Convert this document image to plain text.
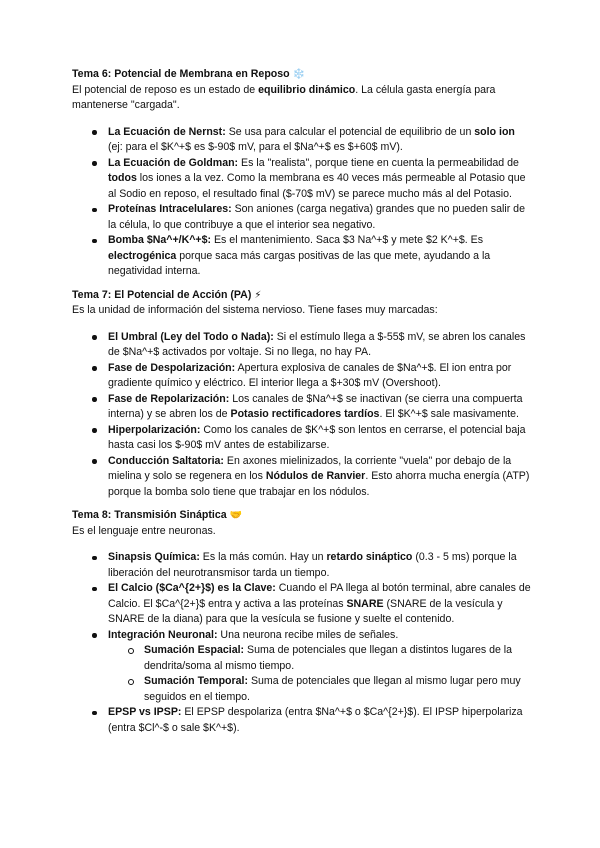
Tema 6: Potencial de Membrana en Reposo ❄️

El potencial de reposo es un estado de equilibrio dinámico. La célula gasta energía para mantenerse "cargada".

La Ecuación de Nernst: Se usa para calcular el potencial de equilibrio de un solo ion (ej: para el $K^+$ es $-90$ mV, para el $Na^+$ es $+60$ mV).
La Ecuación de Goldman: Es la "realista", porque tiene en cuenta la permeabilidad de todos los iones a la vez. Como la membrana es 40 veces más permeable al Potasio que al Sodio en reposo, el resultado final ($-70$ mV) se parece mucho más al del Potasio.
Proteínas Intracelulares: Son aniones (carga negativa) grandes que no pueden salir de la célula, lo que contribuye a que el interior sea negativo.
Bomba $Na^+/K^+$: Es el mantenimiento. Saca $3 Na^+$ y mete $2 K^+$. Es electrogénica porque saca más cargas positivas de las que mete, ayudando a la negatividad interna.

Tema 7: El Potencial de Acción (PA) ⚡

Es la unidad de información del sistema nervioso. Tiene fases muy marcadas:

El Umbral (Ley del Todo o Nada): Si el estímulo llega a $-55$ mV, se abren los canales de $Na^+$ activados por voltaje. Si no llega, no hay PA.
Fase de Despolarización: Apertura explosiva de canales de $Na^+$. El ion entra por gradiente químico y eléctrico. El interior llega a $+30$ mV (Overshoot).
Fase de Repolarización: Los canales de $Na^+$ se inactivan (se cierra una compuerta interna) y se abren los de Potasio rectificadores tardíos. El $K^+$ sale masivamente.
Hiperpolarización: Como los canales de $K^+$ son lentos en cerrarse, el potencial baja hasta casi los $-90$ mV antes de estabilizarse.
Conducción Saltatoria: En axones mielinizados, la corriente "vuela" por debajo de la mielina y solo se regenera en los Nódulos de Ranvier. Esto ahorra mucha energía (ATP) porque la bomba solo tiene que trabajar en los nódulos.

Tema 8: Transmisión Sináptica 🤝

Es el lenguaje entre neuronas.

Sinapsis Química: Es la más común. Hay un retardo sináptico (0.3 - 5 ms) porque la liberación del neurotransmisor tarda un tiempo.
El Calcio ($Ca^{2+}$) es la Clave: Cuando el PA llega al botón terminal, abre canales de Calcio. El $Ca^{2+}$ entra y activa a las proteínas SNARE (SNARE de la vesícula y SNARE de la diana) para que la vesícula se fusione y suelte el contenido.
Integración Neuronal: Una neurona recibe miles de señales.
Sumación Espacial: Suma de potenciales que llegan a distintos lugares de la dendrita/soma al mismo tiempo.
Sumación Temporal: Suma de potenciales que llegan al mismo lugar pero muy seguidos en el tiempo.
EPSP vs IPSP: El EPSP despolariza (entra $Na^+$ o $Ca^{2+}$). El IPSP hiperpolariza (entra $Cl^-$ o sale $K^+$).
